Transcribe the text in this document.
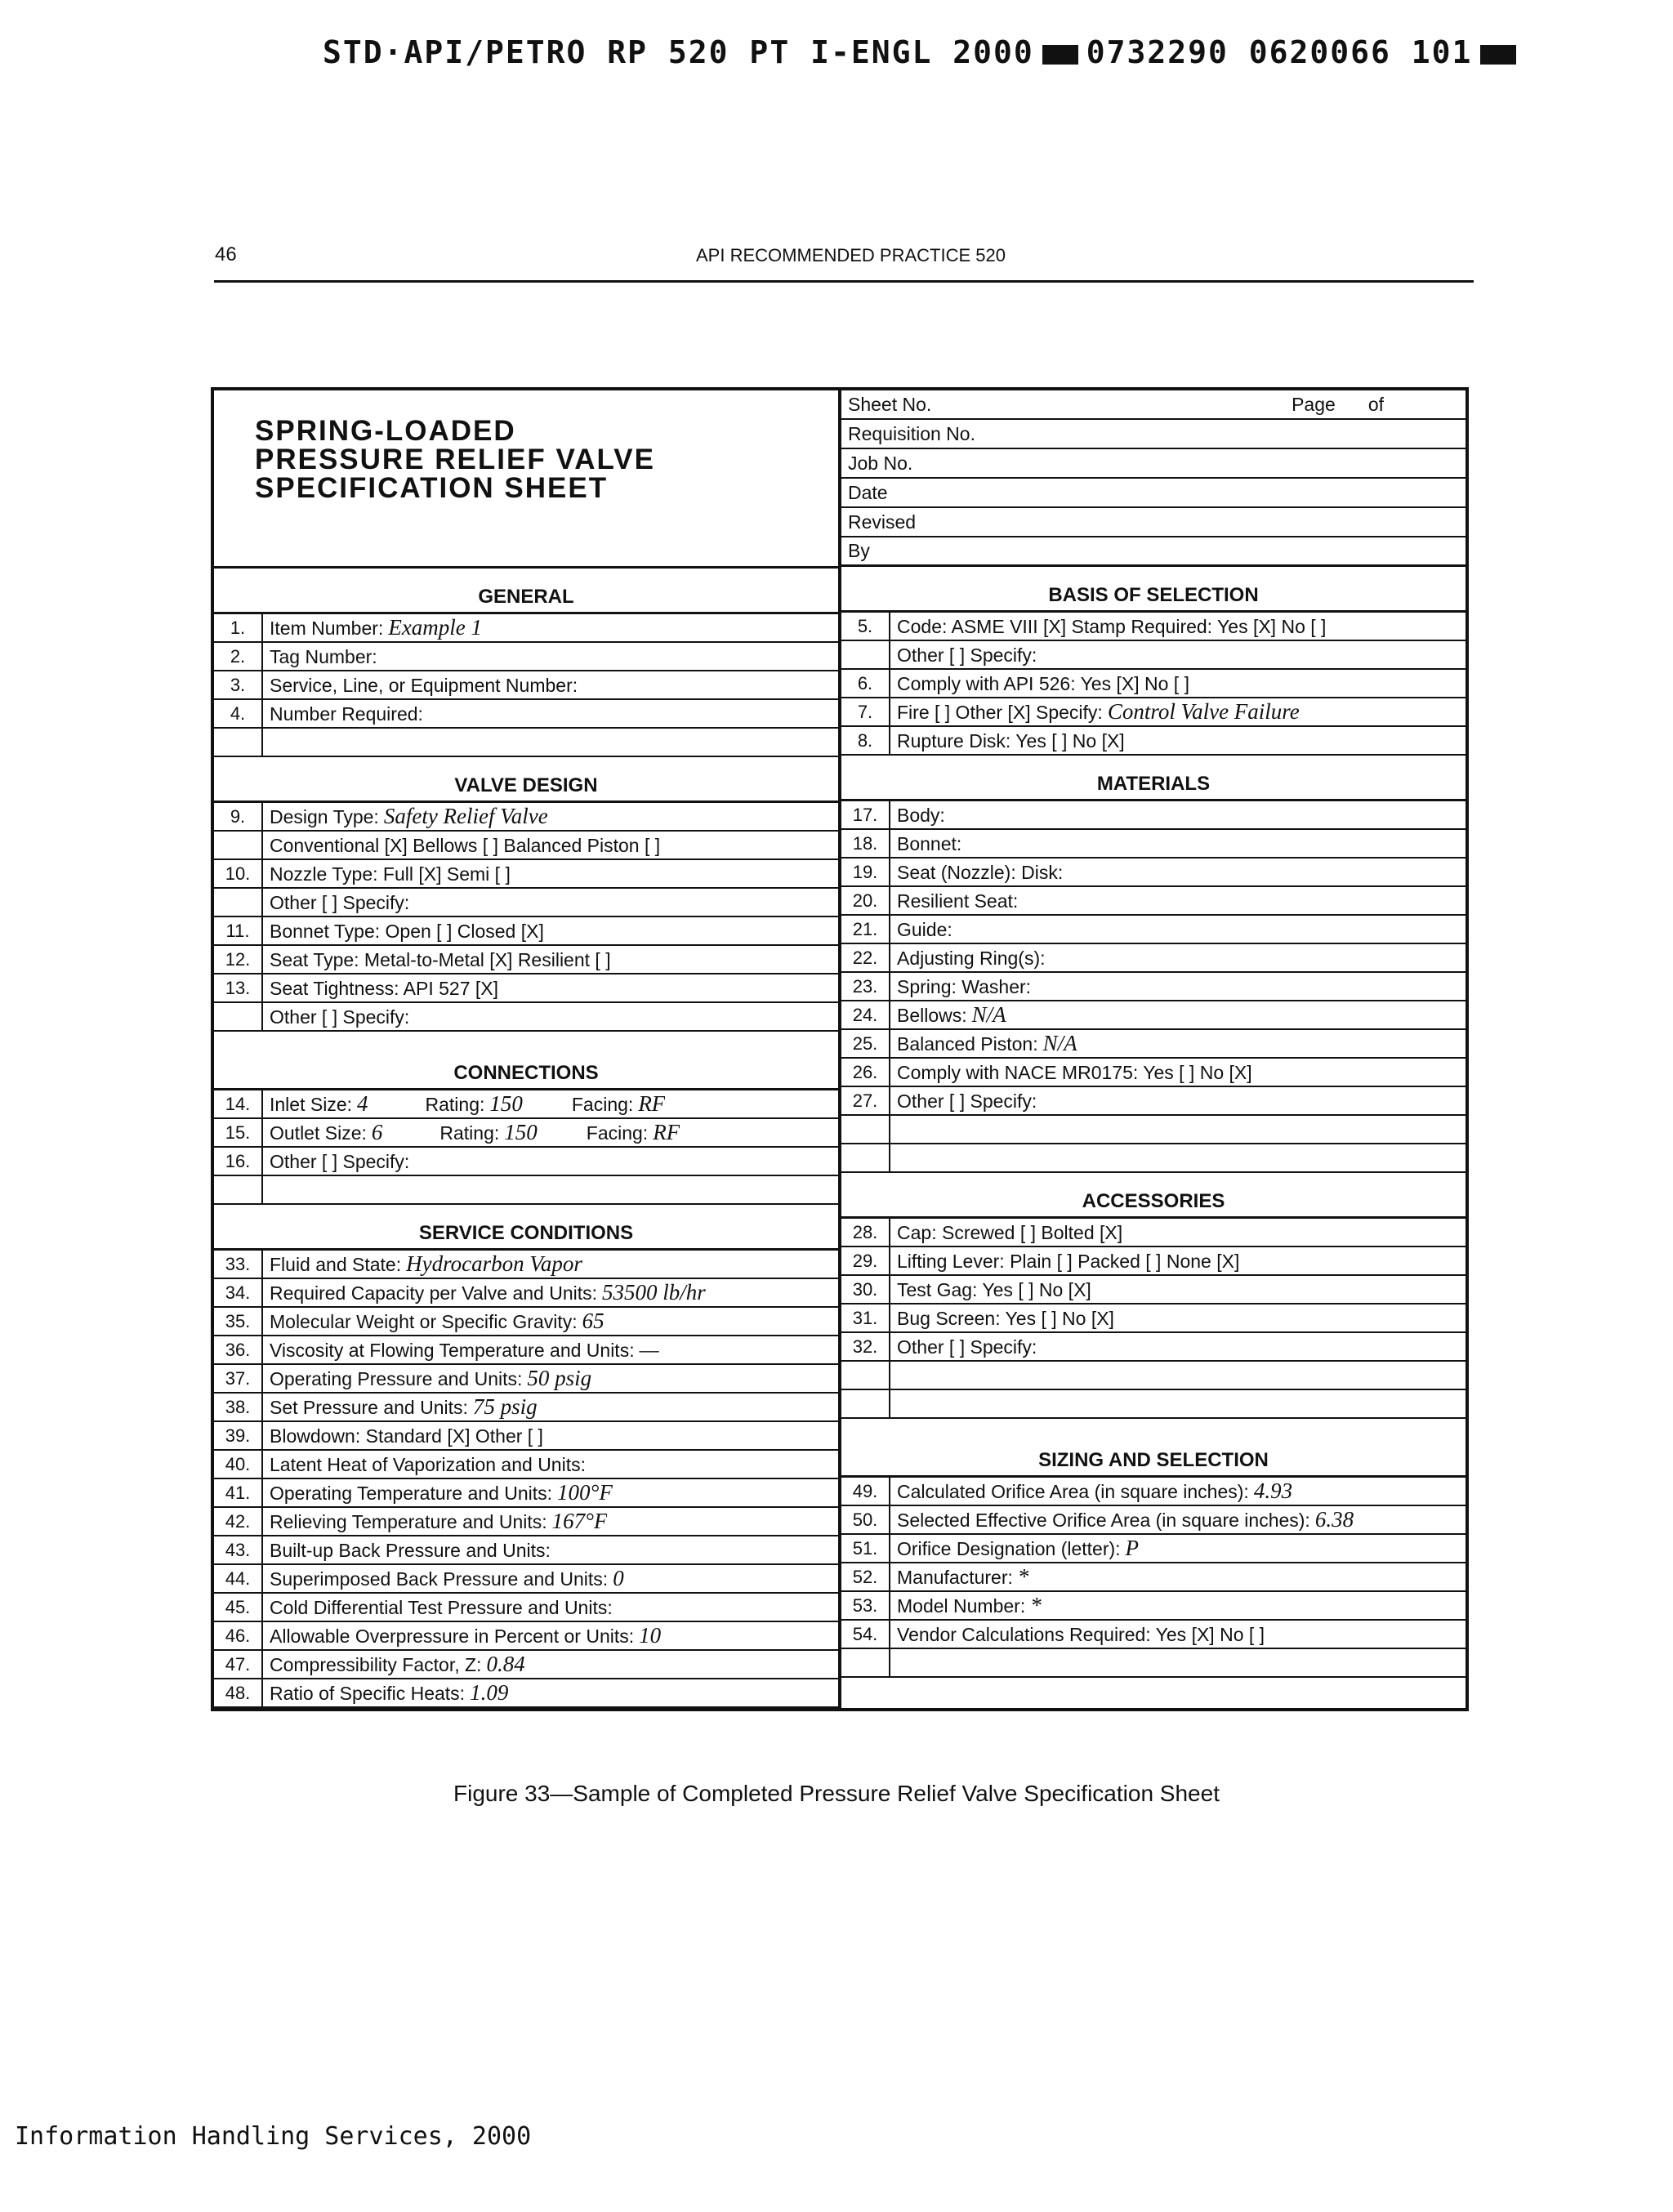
STD·API/PETRO RP 520 PT I-ENGL 2000 0732290 0620066 101
46	API RECOMMENDED PRACTICE 520
SPRING-LOADED
PRESSURE RELIEF VALVE
SPECIFICATION SHEET
GENERAL
1.	Item Number: Example 1
2.	Tag Number:
3.	Service, Line, or Equipment Number:
4.	Number Required:
VALVE DESIGN
9.	Design Type: Safety Relief Valve
Conventional [X] Bellows [ ] Balanced Piston [ ]
10.	Nozzle Type: Full [X] Semi [ ]
Other [ ] Specify:
11.	Bonnet Type: Open [ ] Closed [X]
12.	Seat Type: Metal-to-Metal [X] Resilient [ ]
13.	Seat Tightness: API 527 [X]
Other [ ] Specify:
CONNECTIONS
14.	Inlet Size: 4	Rating: 150	Facing: RF
15.	Outlet Size: 6	Rating: 150	Facing: RF
16.	Other [ ] Specify:
SERVICE CONDITIONS
33.	Fluid and State: Hydrocarbon Vapor
34.	Required Capacity per Valve and Units: 53500 lb/hr
35.	Molecular Weight or Specific Gravity: 65
36.	Viscosity at Flowing Temperature and Units: —
37.	Operating Pressure and Units: 50 psig
38.	Set Pressure and Units: 75 psig
39.	Blowdown: Standard [X] Other [ ]
40.	Latent Heat of Vaporization and Units:
41.	Operating Temperature and Units: 100°F
42.	Relieving Temperature and Units: 167°F
43.	Built-up Back Pressure and Units:
44.	Superimposed Back Pressure and Units: 0
45.	Cold Differential Test Pressure and Units:
46.	Allowable Overpressure in Percent or Units: 10
47.	Compressibility Factor, Z: 0.84
48.	Ratio of Specific Heats: 1.09
Sheet No.	Page of
Requisition No.
Job No.
Date
Revised
By
BASIS OF SELECTION
5.	Code: ASME VIII [X] Stamp Required: Yes [X] No [ ]
Other [ ] Specify:
6.	Comply with API 526: Yes [X] No [ ]
7.	Fire [ ] Other [X] Specify: Control Valve Failure
8.	Rupture Disk: Yes [ ] No [X]
MATERIALS
17.	Body:
18.	Bonnet:
19.	Seat (Nozzle): Disk:
20.	Resilient Seat:
21.	Guide:
22.	Adjusting Ring(s):
23.	Spring: Washer:
24.	Bellows: N/A
25.	Balanced Piston: N/A
26.	Comply with NACE MR0175: Yes [ ] No [X]
27.	Other [ ] Specify:
ACCESSORIES
28.	Cap: Screwed [ ] Bolted [X]
29.	Lifting Lever: Plain [ ] Packed [ ] None [X]
30.	Test Gag: Yes [ ] No [X]
31.	Bug Screen: Yes [ ] No [X]
32.	Other [ ] Specify:
SIZING AND SELECTION
49.	Calculated Orifice Area (in square inches): 4.93
50.	Selected Effective Orifice Area (in square inches): 6.38
51.	Orifice Designation (letter): P
52.	Manufacturer: *
53.	Model Number: *
54.	Vendor Calculations Required: Yes [X] No [ ]
Figure 33—Sample of Completed Pressure Relief Valve Specification Sheet
Information Handling Services, 2000
